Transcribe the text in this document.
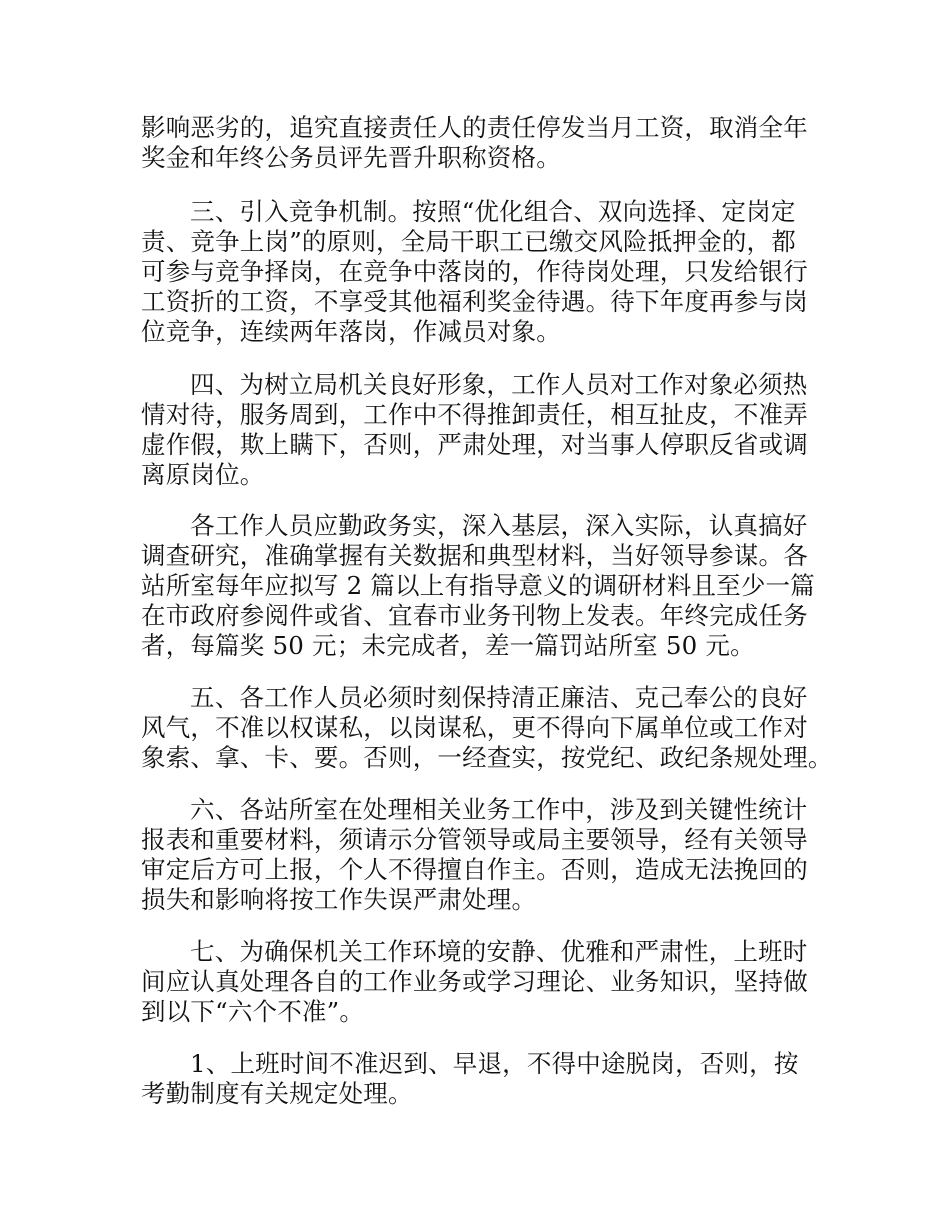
影响恶劣的，追究直接责任人的责任停发当月工资，取消全年
奖金和年终公务员评先晋升职称资格。

三、引入竞争机制。按照“优化组合、双向选择、定岗定
责、竞争上岗”的原则，全局干职工已缴交风险抵押金的，都
可参与竞争择岗，在竞争中落岗的，作待岗处理，只发给银行
工资折的工资，不享受其他福利奖金待遇。待下年度再参与岗
位竞争，连续两年落岗，作减员对象。

四、为树立局机关良好形象，工作人员对工作对象必须热
情对待，服务周到，工作中不得推卸责任，相互扯皮，不准弄
虚作假，欺上瞒下，否则，严肃处理，对当事人停职反省或调
离原岗位。

各工作人员应勤政务实，深入基层，深入实际，认真搞好
调查研究，准确掌握有关数据和典型材料，当好领导参谋。各
站所室每年应拟写 2 篇以上有指导意义的调研材料且至少一篇
在市政府参阅件或省、宜春市业务刊物上发表。年终完成任务
者，每篇奖 50 元；未完成者，差一篇罚站所室 50 元。

五、各工作人员必须时刻保持清正廉洁、克己奉公的良好
风气，不准以权谋私，以岗谋私，更不得向下属单位或工作对
象索、拿、卡、要。否则，一经查实，按党纪、政纪条规处理。

六、各站所室在处理相关业务工作中，涉及到关键性统计
报表和重要材料，须请示分管领导或局主要领导，经有关领导
审定后方可上报，个人不得擅自作主。否则，造成无法挽回的
损失和影响将按工作失误严肃处理。

七、为确保机关工作环境的安静、优雅和严肃性，上班时
间应认真处理各自的工作业务或学习理论、业务知识，坚持做
到以下“六个不准”。

1、上班时间不准迟到、早退，不得中途脱岗，否则，按
考勤制度有关规定处理。
